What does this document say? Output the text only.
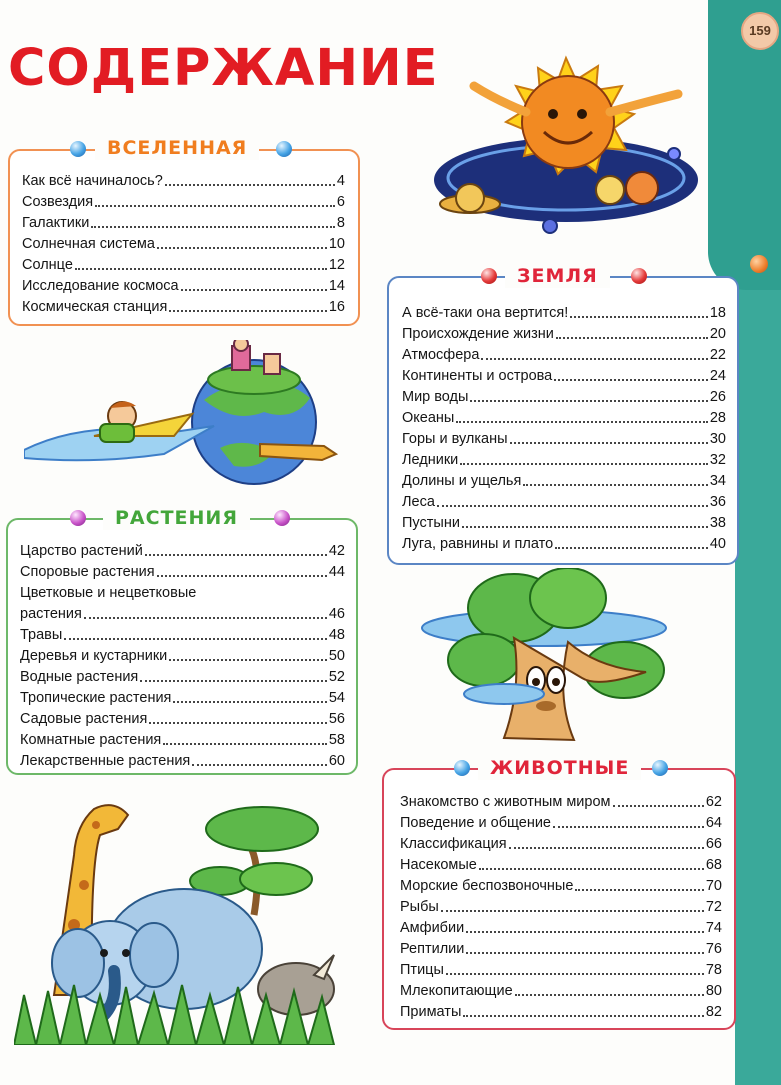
159
СОДЕРЖАНИЕ
Как всё начиналось?	4
Созвездия	6
Галактики	8
Солнечная система	10
Солнце	12
Исследование космоса	14
Космическая станция	16
ВСЕЛЕННАЯ
А всё-таки она вертится!	18
Происхождение жизни	20
Атмосфера	22
Континенты и острова	24
Мир воды	26
Океаны	28
Горы и вулканы	30
Ледники	32
Долины и ущелья	34
Леса	36
Пустыни	38
Луга, равнины и плато	40
ЗЕМЛЯ
Царство растений	42
Споровые растения	44
Цветковые и нецветковые
растения	46
Травы	48
Деревья и кустарники	50
Водные растения	52
Тропические растения	54
Садовые растения	56
Комнатные растения	58
Лекарственные растения	60
РАСТЕНИЯ
Знакомство с животным миром	62
Поведение и общение	64
Классификация	66
Насекомые	68
Морские беспозвоночные	70
Рыбы	72
Амфибии	74
Рептилии	76
Птицы	78
Млекопитающие	80
Приматы	82
ЖИВОТНЫЕ
